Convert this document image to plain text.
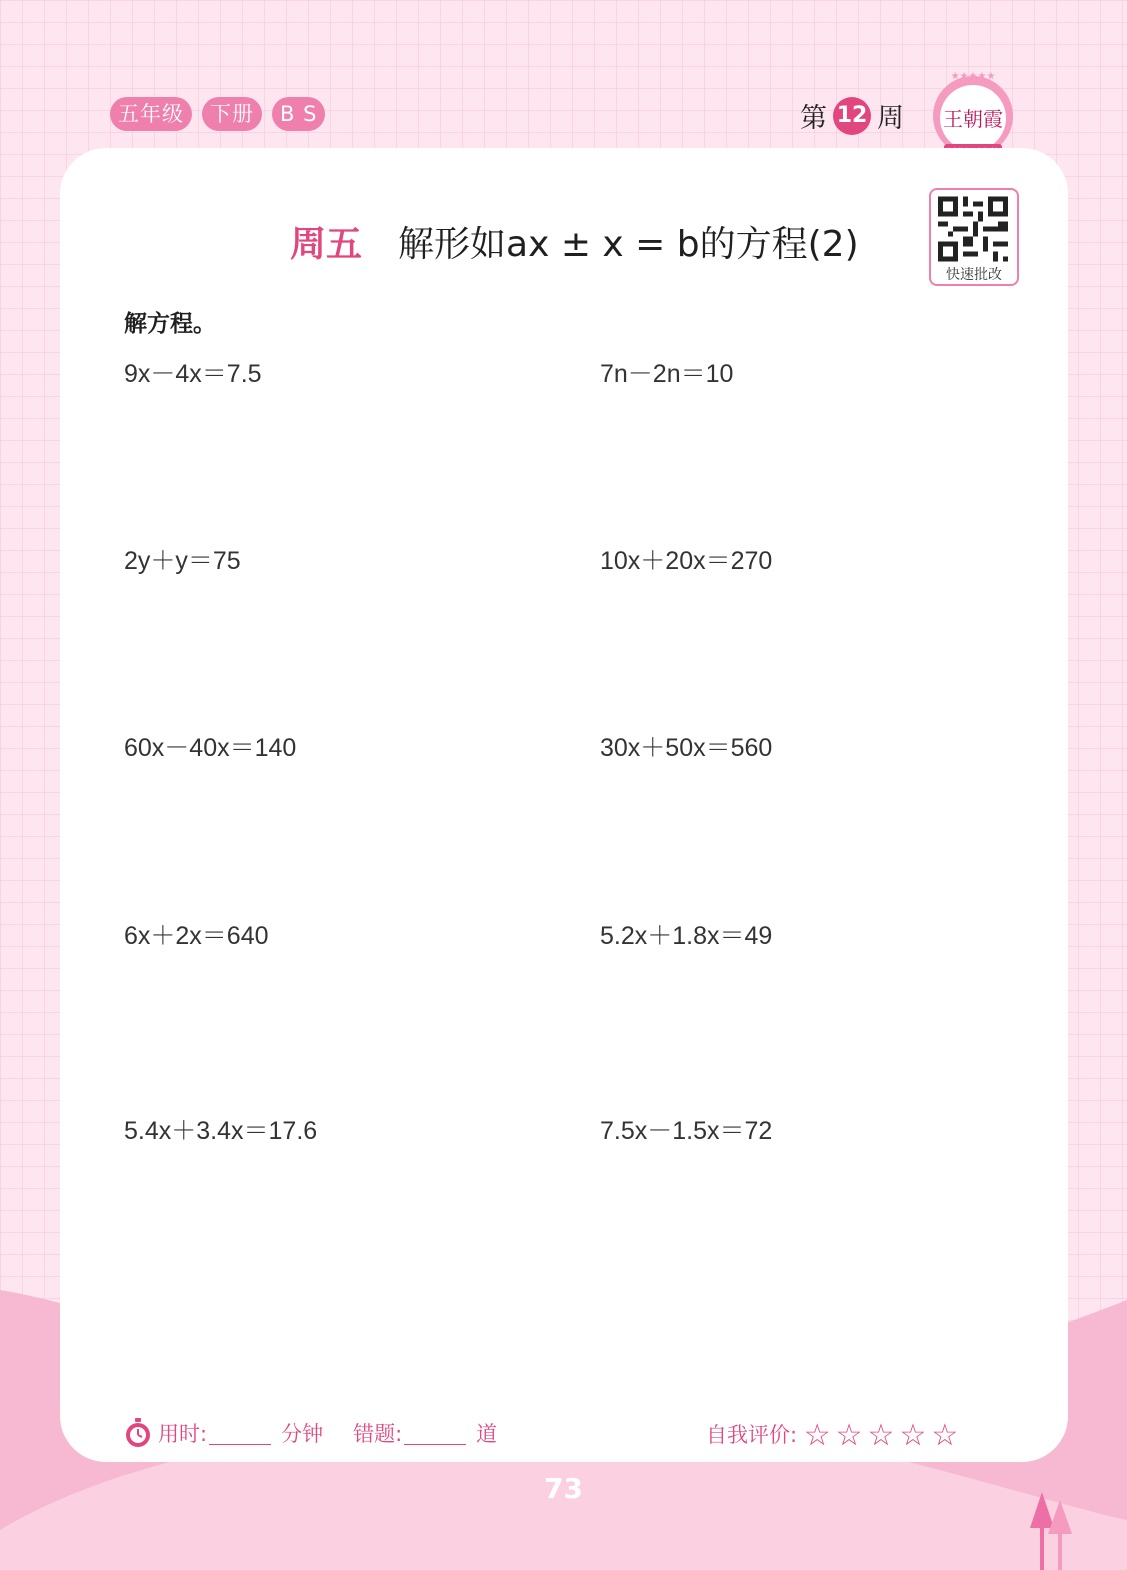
五年级	下册	B S	第 12 周
★★★★★
王朝霞
周五 解形如ax ± x = b的方程(2)
快速批改
解方程。
9x－4x＝7.5	7n－2n＝10
2y＋y＝75	10x＋20x＝270
60x－40x＝140	30x＋50x＝560
6x＋2x＝640	5.2x＋1.8x＝49
5.4x＋3.4x＝17.6	7.5x－1.5x＝72
用时:	分钟 错题:	道	自我评价: ☆☆☆☆☆
73
